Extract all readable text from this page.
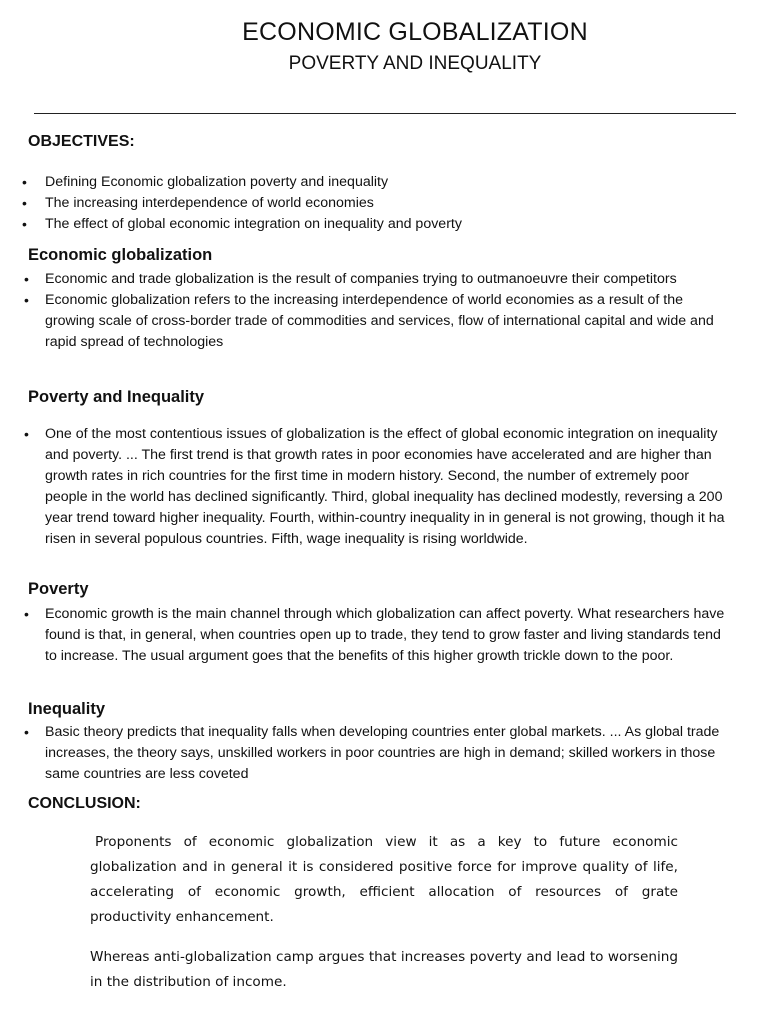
ECONOMIC GLOBALIZATION
POVERTY AND INEQUALITY
OBJECTIVES:
• Defining Economic globalization poverty and inequality
• The increasing interdependence of world economies
• The effect of global economic integration on inequality and poverty
Economic globalization
• Economic and trade globalization is the result of companies trying to outmanoeuvre their competitors
• Economic globalization refers to the increasing interdependence of world economies as a result of the growing scale of cross-border trade of commodities and services, flow of international capital and wide and rapid spread of technologies
Poverty and Inequality
• One of the most contentious issues of globalization is the effect of global economic integration on inequality and poverty. ... The first trend is that growth rates in poor economies have accelerated and are higher than growth rates in rich countries for the first time in modern history. Second, the number of extremely poor people in the world has declined significantly. Third, global inequality has declined modestly, reversing a 200 year trend toward higher inequality. Fourth, within-country inequality in in general is not growing, though it ha risen in several populous countries. Fifth, wage inequality is rising worldwide.
Poverty
• Economic growth is the main channel through which globalization can affect poverty. What researchers have found is that, in general, when countries open up to trade, they tend to grow faster and living standards tend to increase. The usual argument goes that the benefits of this higher growth trickle down to the poor.
Inequality
• Basic theory predicts that inequality falls when developing countries enter global markets. ... As global trade increases, the theory says, unskilled workers in poor countries are high in demand; skilled workers in those same countries are less coveted
CONCLUSION:

Proponents of economic globalization view it as a key to future economic globalization and in general it is considered positive force for improve quality of life, accelerating of economic growth, efficient allocation of resources of grate productivity enhancement.

Whereas anti-globalization camp argues that increases poverty and lead to worsening in the distribution of income.
